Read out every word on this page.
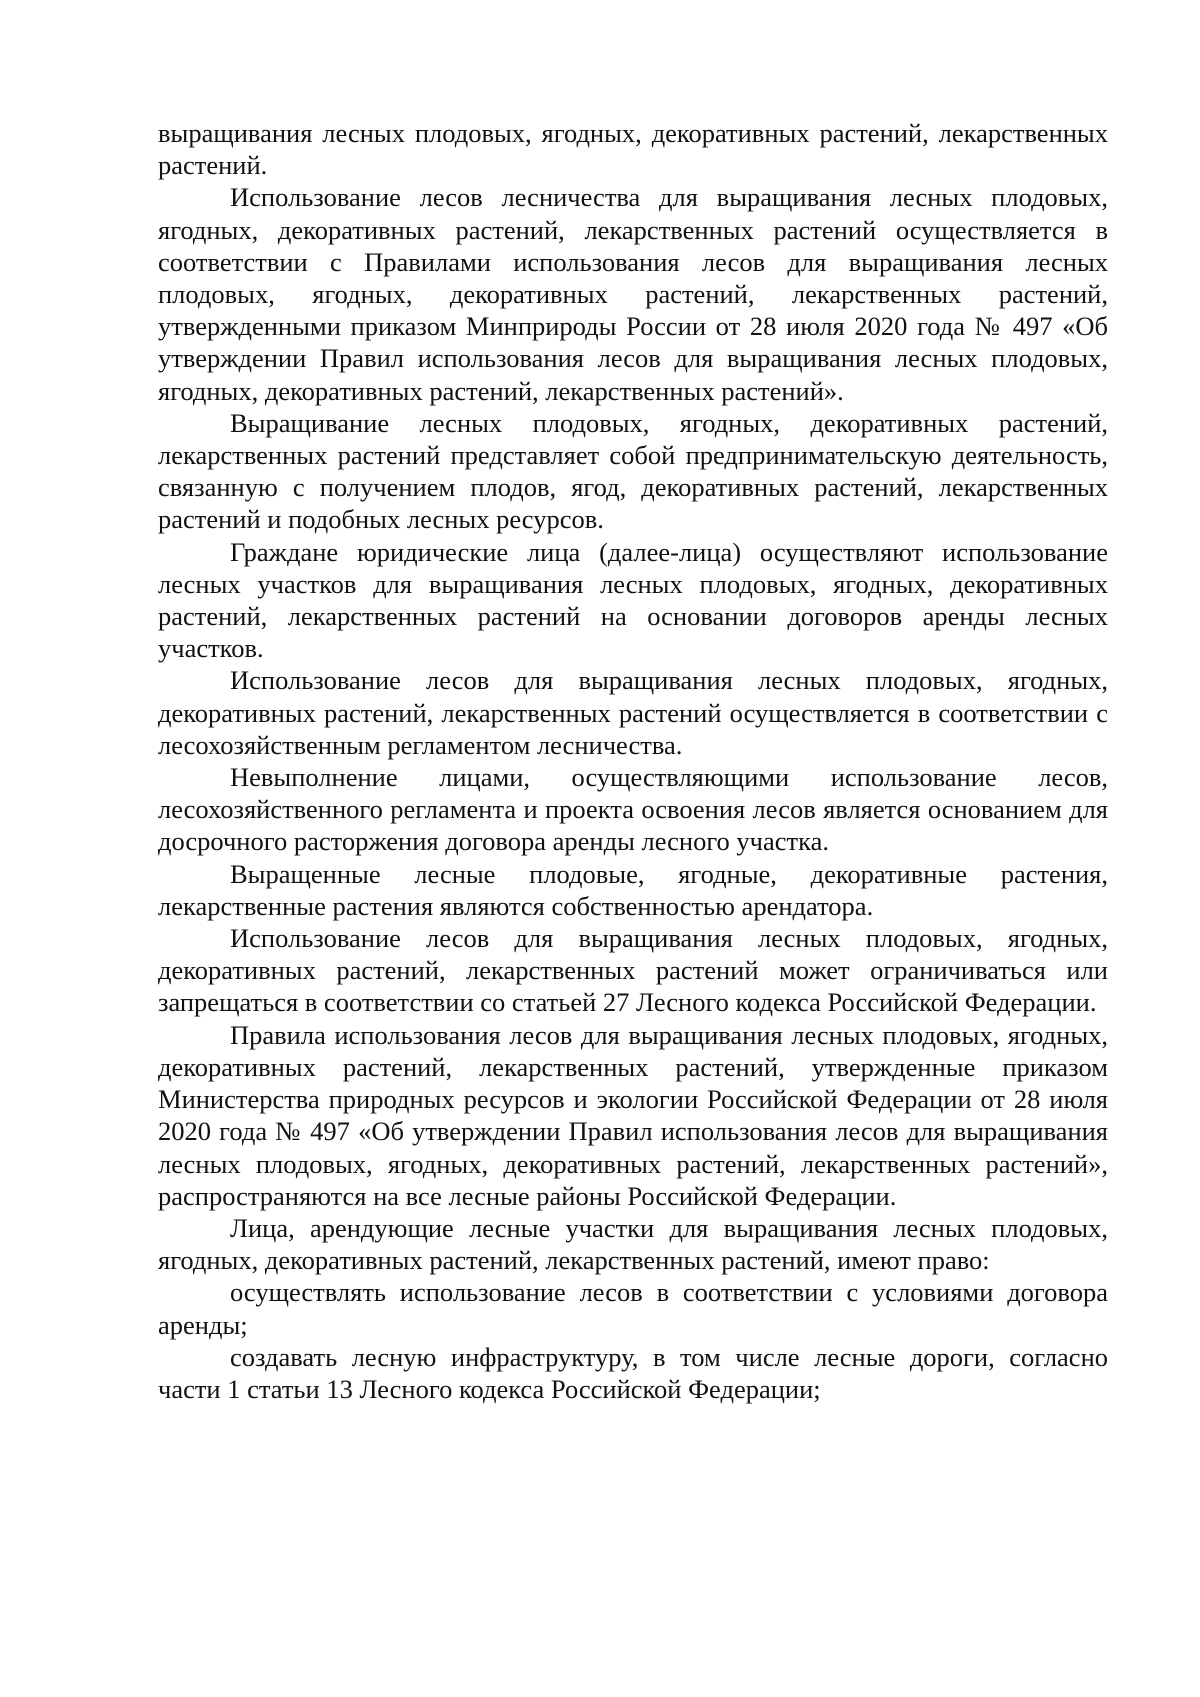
выращивания лесных плодовых, ягодных, декоративных растений, лекарственных растений.

Использование лесов лесничества для выращивания лесных плодовых, ягодных, декоративных растений, лекарственных растений осуществляется в соответствии с Правилами использования лесов для выращивания лесных плодовых, ягодных, декоративных растений, лекарственных растений, утвержденными приказом Минприроды России от 28 июля 2020 года № 497 «Об утверждении Правил использования лесов для выращивания лесных плодовых, ягодных, декоративных растений, лекарственных растений».

Выращивание лесных плодовых, ягодных, декоративных растений, лекарственных растений представляет собой предпринимательскую деятельность, связанную с получением плодов, ягод, декоративных растений, лекарственных растений и подобных лесных ресурсов.

Граждане юридические лица (далее-лица) осуществляют использование лесных участков для выращивания лесных плодовых, ягодных, декоративных растений, лекарственных растений на основании договоров аренды лесных участков.

Использование лесов для выращивания лесных плодовых, ягодных, декоративных растений, лекарственных растений осуществляется в соответствии с лесохозяйственным регламентом лесничества.

Невыполнение лицами, осуществляющими использование лесов, лесохозяйственного регламента и проекта освоения лесов является основанием для досрочного расторжения договора аренды лесного участка.

Выращенные лесные плодовые, ягодные, декоративные растения, лекарственные растения являются собственностью арендатора.

Использование лесов для выращивания лесных плодовых, ягодных, декоративных растений, лекарственных растений может ограничиваться или запрещаться в соответствии со статьей 27 Лесного кодекса Российской Федерации.

Правила использования лесов для выращивания лесных плодовых, ягодных, декоративных растений, лекарственных растений, утвержденные приказом Министерства природных ресурсов и экологии Российской Федерации от 28 июля 2020 года № 497 «Об утверждении Правил использования лесов для выращивания лесных плодовых, ягодных, декоративных растений, лекарственных растений», распространяются на все лесные районы Российской Федерации.

Лица, арендующие лесные участки для выращивания лесных плодовых, ягодных, декоративных растений, лекарственных растений, имеют право:

осуществлять использование лесов в соответствии с условиями договора аренды;

создавать лесную инфраструктуру, в том числе лесные дороги, согласно части 1 статьи 13 Лесного кодекса Российской Федерации;
